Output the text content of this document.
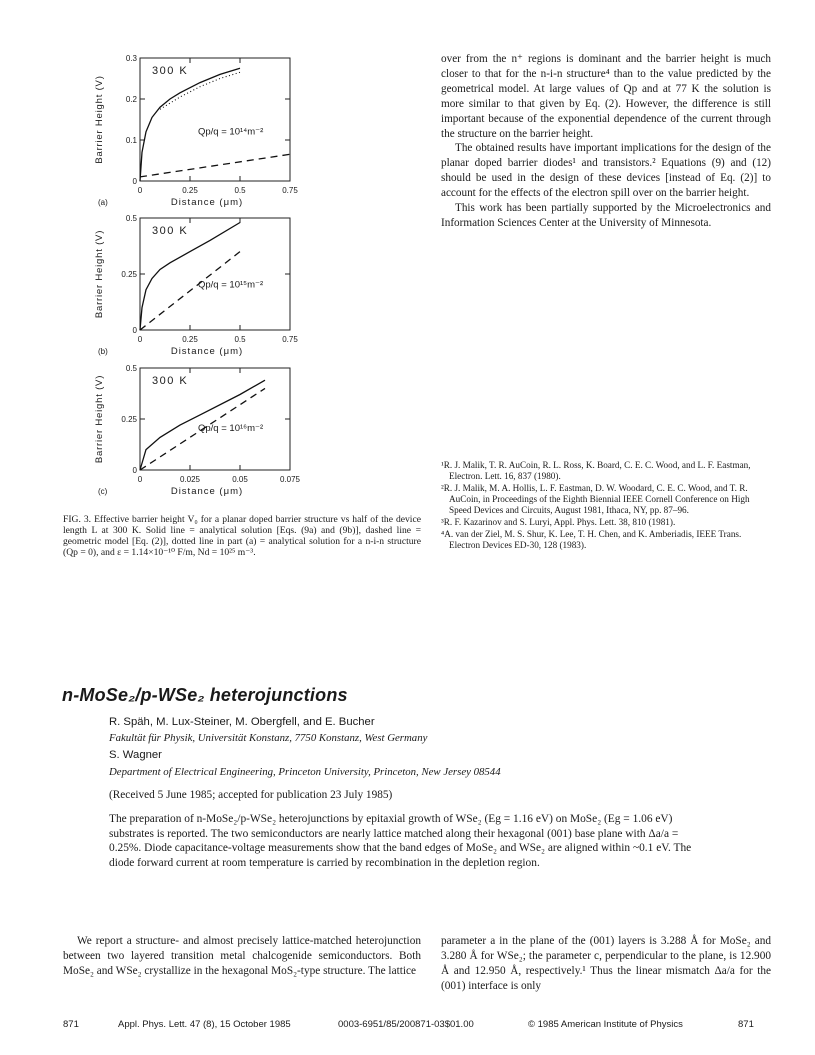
0	0.25	0.5	0.75
0.3
0.2
0.1
0
Distance (μm)
(a)
Barrier Height (V)
300 K
Qp/q = 10¹⁴m⁻²
0	0.25	0.5	0.75
0.5
0.25
0
Distance (μm)
(b)
Barrier Height (V)	300 K
Qp/q = 10¹⁵m⁻²
0	0.025	0.05	0.075
0.5
0.25
0
Distance (μm)
(c)
Barrier Height (V)	300 K
Qp/q = 10¹⁶m⁻²
FIG. 3. Effective barrier height V₀ for a planar doped barrier structure vs half of the device length L at 300 K. Solid line = analytical solution [Eqs. (9a) and (9b)], dashed line = geometric model [Eq. (2)], dotted line in part (a) = analytical solution for a n-i-n structure (Qp = 0), and ε = 1.14×10⁻¹⁰ F/m, Nd = 10²⁵ m⁻³.

over from the n⁺ regions is dominant and the barrier height is much closer to that for the n-i-n structure⁴ than to the value predicted by the geometrical model. At large values of Qp and at 77 K the solution is more similar to that given by Eq. (2). However, the difference is still important because of the exponential dependence of the current through the structure on the barrier height.

The obtained results have important implications for the design of the planar doped barrier diodes¹ and transistors.² Equations (9) and (12) should be used in the design of these devices [instead of Eq. (2)] to account for the effects of the electron spill over on the barrier height.

This work has been partially supported by the Microelectronics and Information Sciences Center at the University of Minnesota.

¹R. J. Malik, T. R. AuCoin, R. L. Ross, K. Board, C. E. C. Wood, and L. F. Eastman, Electron. Lett. 16, 837 (1980).
²R. J. Malik, M. A. Hollis, L. F. Eastman, D. W. Woodard, C. E. C. Wood, and T. R. AuCoin, in Proceedings of the Eighth Biennial IEEE Cornell Conference on High Speed Devices and Circuits, August 1981, Ithaca, NY, pp. 87–96.
³R. F. Kazarinov and S. Luryi, Appl. Phys. Lett. 38, 810 (1981).
⁴A. van der Ziel, M. S. Shur, K. Lee, T. H. Chen, and K. Amberiadis, IEEE Trans. Electron Devices ED-30, 128 (1983).
n-MoSe₂/p-WSe₂ heterojunctions
R. Späh, M. Lux-Steiner, M. Obergfell, and E. Bucher
Fakultät für Physik, Universität Konstanz, 7750 Konstanz, West Germany
S. Wagner
Department of Electrical Engineering, Princeton University, Princeton, New Jersey 08544
(Received 5 June 1985; accepted for publication 23 July 1985)
The preparation of n-MoSe₂/p-WSe₂ heterojunctions by epitaxial growth of WSe₂ (Eg = 1.16 eV) on MoSe₂ (Eg = 1.06 eV) substrates is reported. The two semiconductors are nearly lattice matched along their hexagonal (001) base plane with Δa/a = 0.25%. Diode capacitance-voltage measurements show that the band edges of MoSe₂ and WSe₂ are aligned within ~0.1 eV. The diode forward current at room temperature is carried by recombination in the depletion region.
We report a structure- and almost precisely lattice-matched heterojunction between two layered transition metal chalcogenide semiconductors. Both MoSe₂ and WSe₂ crystallize in the hexagonal MoS₂-type structure. The lattice
parameter a in the plane of the (001) layers is 3.288 Å for MoSe₂ and 3.280 Å for WSe₂; the parameter c, perpendicular to the plane, is 12.900 Å and 12.950 Å, respectively.¹ Thus the linear mismatch Δa/a for the (001) interface is only
871	Appl. Phys. Lett. 47 (8), 15 October 1985	0003-6951/85/200871-03$01.00	© 1985 American Institute of Physics	871
